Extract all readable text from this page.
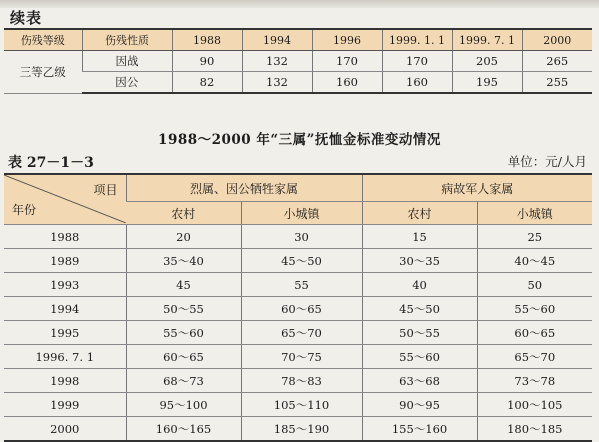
续表
伤残等级	伤残性质	1988	1994	1996	1999. 1. 1	1999. 7. 1	2000
三等乙级	因战	90	132	170	170	205	265
	因公	82	132	160	160	195	255
1988～2000 年“三属”抚恤金标准变动情况
表 27－1－3	单位：元/人月
项目
年份	烈属、因公牺牲家属		病故军人家属	
	农村	小城镇	农村	小城镇
1988	20	30	15	25
1989	35～40	45～50	30～35	40～45
1993	45	55	40	50
1994	50～55	60～65	45～50	55～60
1995	55～60	65～70	50～55	60～65
1996. 7. 1	60～65	70～75	55～60	65～70
1998	68～73	78～83	63～68	73～78
1999	95～100	105～110	90～95	100～105
2000	160～165	185～190	155～160	180～185
